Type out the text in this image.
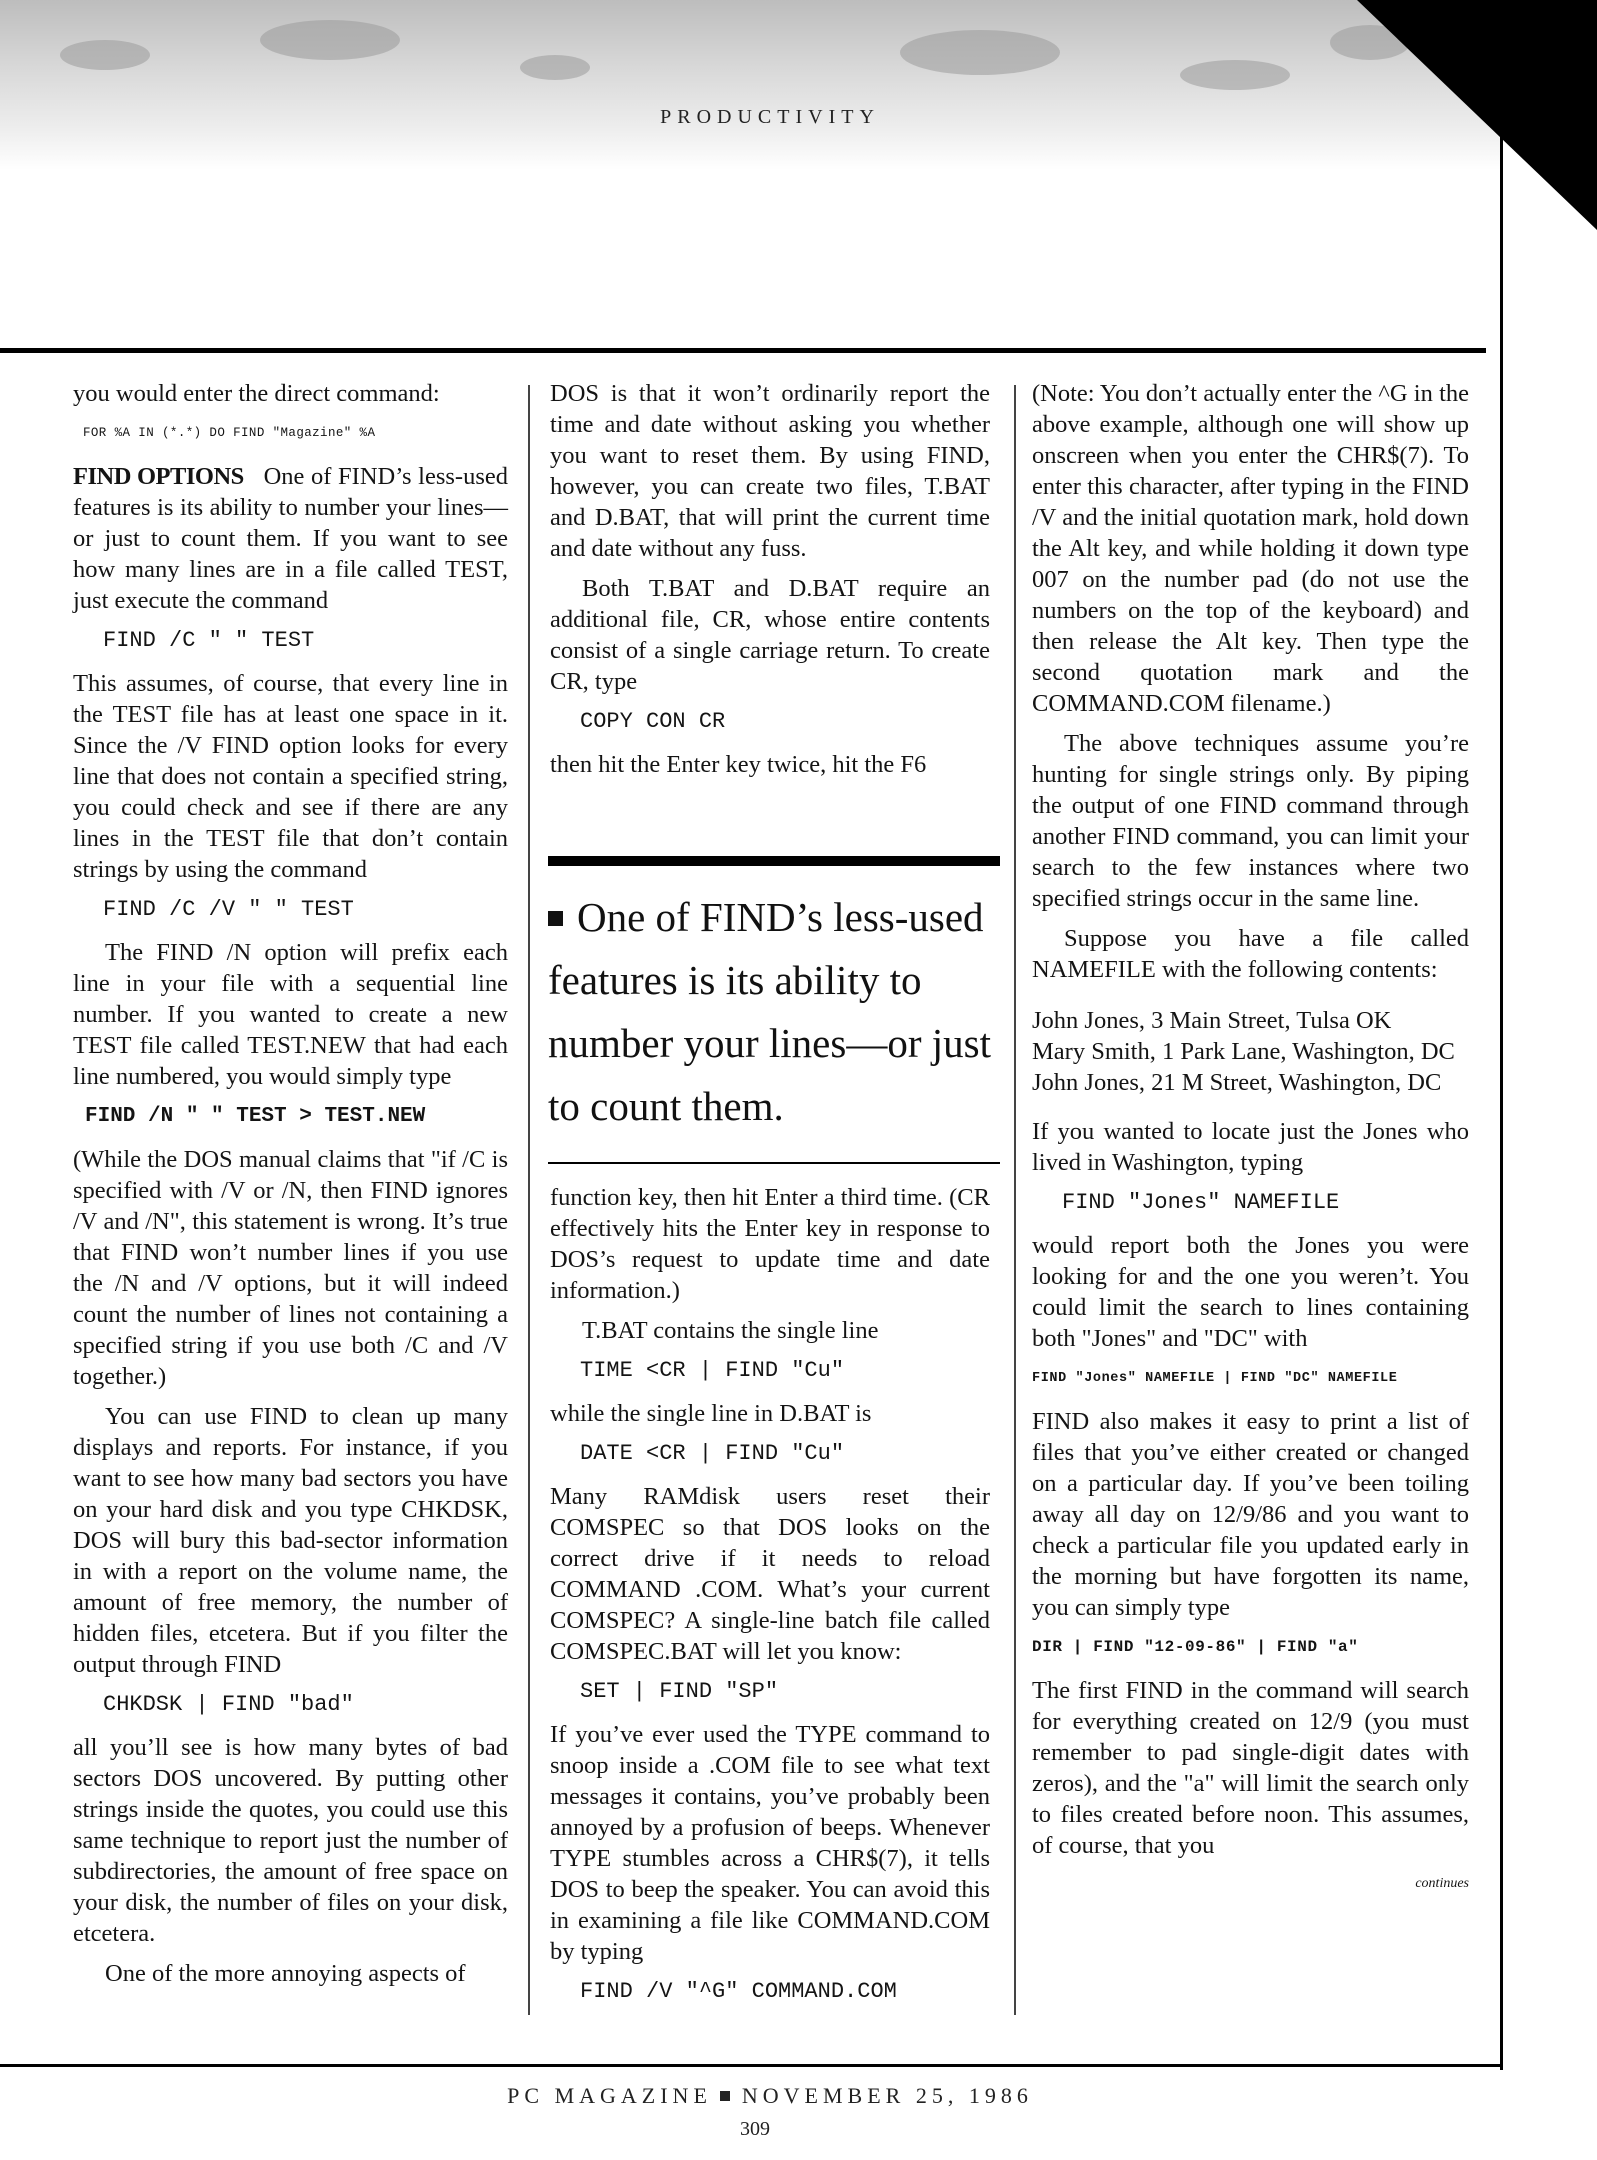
PRODUCTIVITY

you would enter the direct command:

FOR %A IN (*.*) DO FIND "Magazine" %A

FIND OPTIONS One of FIND’s less-used features is its ability to number your lines—or just to count them. If you want to see how many lines are in a file called TEST, just execute the command

FIND /C " " TEST

This assumes, of course, that every line in the TEST file has at least one space in it. Since the /V FIND option looks for every line that does not contain a specified string, you could check and see if there are any lines in the TEST file that don’t contain strings by using the command

FIND /C /V " " TEST

The FIND /N option will prefix each line in your file with a sequential line number. If you wanted to create a new TEST file called TEST.NEW that had each line numbered, you would simply type

FIND /N " " TEST > TEST.NEW

(While the DOS manual claims that "if /C is specified with /V or /N, then FIND ignores /V and /N", this statement is wrong. It’s true that FIND won’t number lines if you use the /N and /V options, but it will indeed count the number of lines not containing a specified string if you use both /C and /V together.)

You can use FIND to clean up many displays and reports. For instance, if you want to see how many bad sectors you have on your hard disk and you type CHKDSK, DOS will bury this bad-sector information in with a report on the volume name, the amount of free memory, the number of hidden files, etcetera. But if you filter the output through FIND

CHKDSK | FIND "bad"

all you’ll see is how many bytes of bad sectors DOS uncovered. By putting other strings inside the quotes, you could use this same technique to report just the number of subdirectories, the amount of free space on your disk, the number of files on your disk, etcetera.

One of the more annoying aspects of

DOS is that it won’t ordinarily report the time and date without asking you whether you want to reset them. By using FIND, however, you can create two files, T.BAT and D.BAT, that will print the current time and date without any fuss.

Both T.BAT and D.BAT require an additional file, CR, whose entire contents consist of a single carriage return. To create CR, type

COPY CON CR

then hit the Enter key twice, hit the F6

One of FIND’s less-used features is its ability to number your lines—or just to count them.

function key, then hit Enter a third time. (CR effectively hits the Enter key in response to DOS’s request to update time and date information.)

T.BAT contains the single line

TIME <CR | FIND "Cu"

while the single line in D.BAT is

DATE <CR | FIND "Cu"

Many RAMdisk users reset their COMSPEC so that DOS looks on the correct drive if it needs to reload COMMAND .COM. What’s your current COMSPEC? A single-line batch file called COMSPEC.BAT will let you know:

SET | FIND "SP"

If you’ve ever used the TYPE command to snoop inside a .COM file to see what text messages it contains, you’ve probably been annoyed by a profusion of beeps. Whenever TYPE stumbles across a CHR$(7), it tells DOS to beep the speaker. You can avoid this in examining a file like COMMAND.COM by typing

FIND /V "^G" COMMAND.COM

(Note: You don’t actually enter the ^G in the above example, although one will show up onscreen when you enter the CHR$(7). To enter this character, after typing in the FIND /V and the initial quotation mark, hold down the Alt key, and while holding it down type 007 on the number pad (do not use the numbers on the top of the keyboard) and then release the Alt key. Then type the second quotation mark and the COMMAND.COM filename.)

The above techniques assume you’re hunting for single strings only. By piping the output of one FIND command through another FIND command, you can limit your search to the few instances where two specified strings occur in the same line.

Suppose you have a file called NAMEFILE with the following contents:

John Jones, 3 Main Street, Tulsa OK

Mary Smith, 1 Park Lane, Washington, DC

John Jones, 21 M Street, Washington, DC

If you wanted to locate just the Jones who lived in Washington, typing

FIND "Jones" NAMEFILE

would report both the Jones you were looking for and the one you weren’t. You could limit the search to lines containing both "Jones" and "DC" with

FIND "Jones" NAMEFILE | FIND "DC" NAMEFILE

FIND also makes it easy to print a list of files that you’ve either created or changed on a particular day. If you’ve been toiling away all day on 12/9/86 and you want to check a particular file you updated early in the morning but have forgotten its name, you can simply type

DIR | FIND "12-09-86" | FIND "a"

The first FIND in the command will search for everything created on 12/9 (you must remember to pad single-digit dates with zeros), and the "a" will limit the search only to files created before noon. This assumes, of course, that you

continues
PC MAGAZINE NOVEMBER 25, 1986
309
